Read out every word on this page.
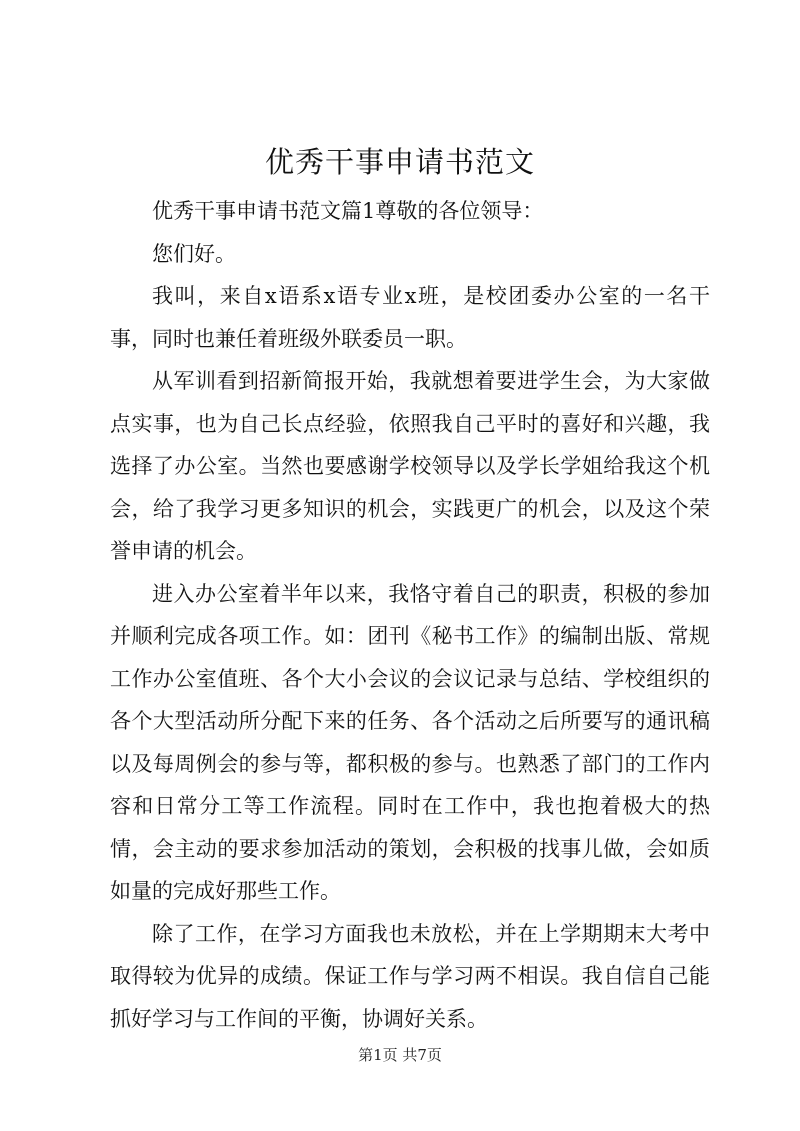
优秀干事申请书范文

优秀干事申请书范文篇1尊敬的各位领导：

您们好。

我叫，来自x语系x语专业x班，是校团委办公室的一名干事，同时也兼任着班级外联委员一职。

从军训看到招新简报开始，我就想着要进学生会，为大家做点实事，也为自己长点经验，依照我自己平时的喜好和兴趣，我选择了办公室。当然也要感谢学校领导以及学长学姐给我这个机会，给了我学习更多知识的机会，实践更广的机会，以及这个荣誉申请的机会。

进入办公室着半年以来，我恪守着自己的职责，积极的参加并顺利完成各项工作。如：团刊《秘书工作》的编制出版、常规工作办公室值班、各个大小会议的会议记录与总结、学校组织的各个大型活动所分配下来的任务、各个活动之后所要写的通讯稿以及每周例会的参与等，都积极的参与。也熟悉了部门的工作内容和日常分工等工作流程。同时在工作中，我也抱着极大的热情，会主动的要求参加活动的策划，会积极的找事儿做，会如质如量的完成好那些工作。

除了工作，在学习方面我也未放松，并在上学期期末大考中取得较为优异的成绩。保证工作与学习两不相误。我自信自己能抓好学习与工作间的平衡，协调好关系。

第1页 共7页
